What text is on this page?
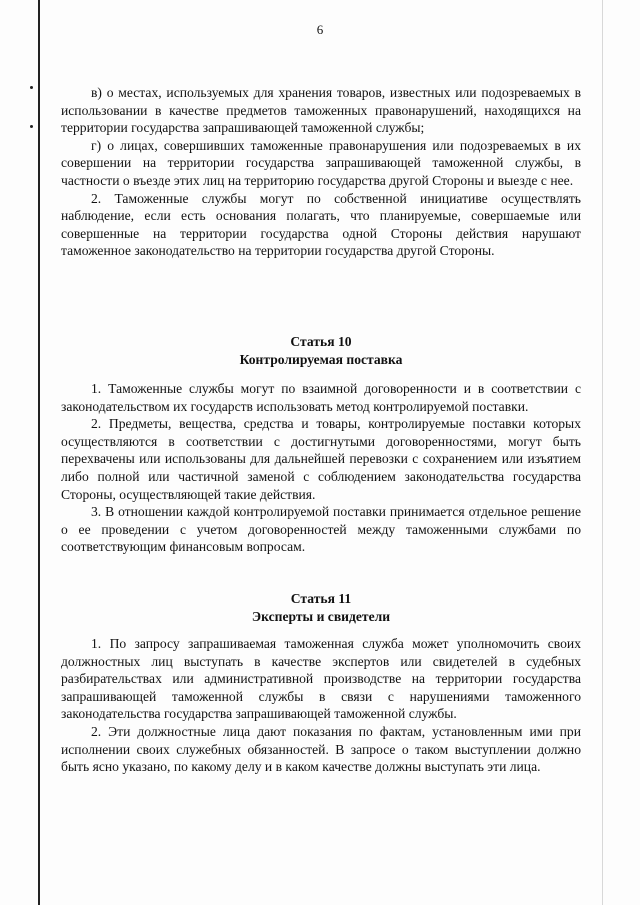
6

в) о местах, используемых для хранения товаров, известных или подозреваемых в использовании в качестве предметов таможенных правонарушений, находящихся на территории государства запрашивающей таможенной службы;

г) о лицах, совершивших таможенные правонарушения или подозреваемых в их совершении на территории государства запрашивающей таможенной службы, в частности о въезде этих лиц на территорию государства другой Стороны и выезде с нее.

2. Таможенные службы могут по собственной инициативе осуществлять наблюдение, если есть основания полагать, что планируемые, совершаемые или совершенные на территории государства одной Стороны действия нарушают таможенное законодательство на территории государства другой Стороны.

Статья 10
Контролируемая поставка

1. Таможенные службы могут по взаимной договоренности и в соответствии с законодательством их государств использовать метод контролируемой поставки.

2. Предметы, вещества, средства и товары, контролируемые поставки которых осуществляются в соответствии с достигнутыми договоренностями, могут быть перехвачены или использованы для дальнейшей перевозки с сохранением или изъятием либо полной или частичной заменой с соблюдением законодательства государства Стороны, осуществляющей такие действия.

3. В отношении каждой контролируемой поставки принимается отдельное решение о ее проведении с учетом договоренностей между таможенными службами по соответствующим финансовым вопросам.

Статья 11
Эксперты и свидетели

1. По запросу запрашиваемая таможенная служба может уполномочить своих должностных лиц выступать в качестве экспертов или свидетелей в судебных разбирательствах или административной производстве на территории государства запрашивающей таможенной службы в связи с нарушениями таможенного законодательства государства запрашивающей таможенной службы.

2. Эти должностные лица дают показания по фактам, установленным ими при исполнении своих служебных обязанностей. В запросе о таком выступлении должно быть ясно указано, по какому делу и в каком качестве должны выступать эти лица.
